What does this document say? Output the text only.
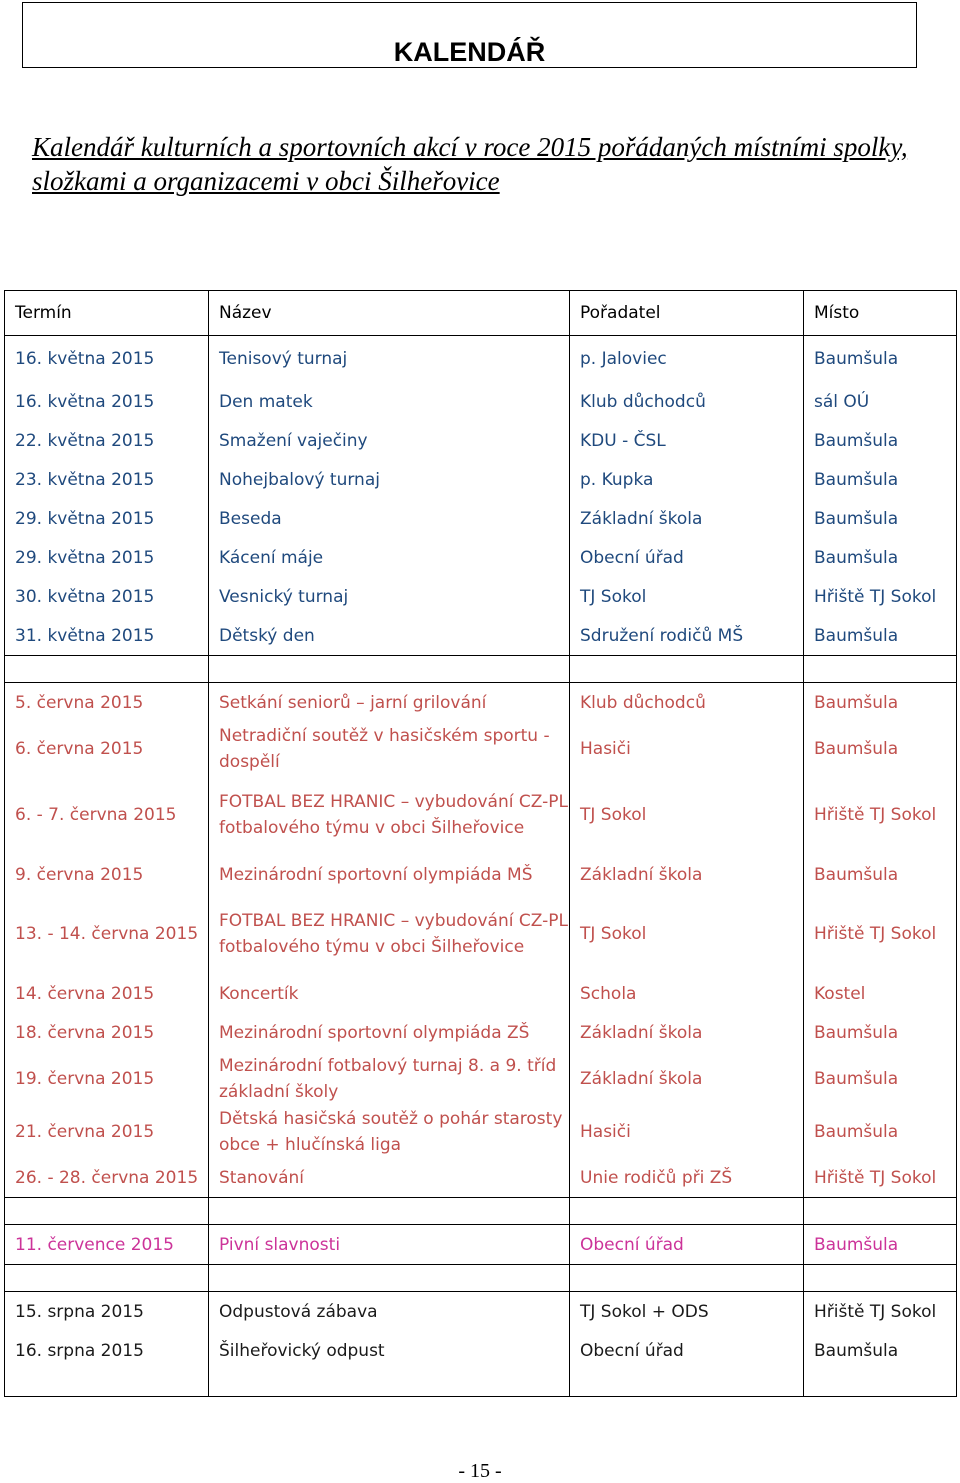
KALENDÁŘ
Kalendář kulturních a sportovních akcí v roce 2015 pořádaných místními spolky, složkami a organizacemi v obci Šilheřovice
Termín	Název	Pořadatel	Místo
16. května 2015	Tenisový turnaj	p. Jaloviec	Baumšula
16. května 2015	Den matek	Klub důchodců	sál OÚ
22. května 2015	Smažení vaječiny	KDU - ČSL	Baumšula
23. května 2015	Nohejbalový turnaj	p. Kupka	Baumšula
29. května 2015	Beseda	Základní škola	Baumšula
29. května 2015	Kácení máje	Obecní úřad	Baumšula
30. května 2015	Vesnický turnaj	TJ Sokol	Hřiště TJ Sokol
31. května 2015	Dětský den	Sdružení rodičů MŠ	Baumšula

5. června 2015	Setkání seniorů – jarní grilování	Klub důchodců	Baumšula
6. června 2015	Netradiční soutěž v hasičském sportu - dospělí	Hasiči	Baumšula
6. - 7. června 2015	FOTBAL BEZ HRANIC – vybudování CZ-PL fotbalového týmu v obci Šilheřovice	TJ Sokol	Hřiště TJ Sokol
9. června 2015	Mezinárodní sportovní olympiáda MŠ	Základní škola	Baumšula
13. - 14. června 2015	FOTBAL BEZ HRANIC – vybudování CZ-PL fotbalového týmu v obci Šilheřovice	TJ Sokol	Hřiště TJ Sokol
14. června 2015	Koncertík	Schola	Kostel
18. června 2015	Mezinárodní sportovní olympiáda ZŠ	Základní škola	Baumšula
19. června 2015	Mezinárodní fotbalový turnaj 8. a 9. tříd základní školy	Základní škola	Baumšula
21. června 2015	Dětská hasičská soutěž o pohár starosty obce + hlučínská liga	Hasiči	Baumšula
26. - 28. června 2015	Stanování	Unie rodičů při ZŠ	Hřiště TJ Sokol

11. července 2015	Pivní slavnosti	Obecní úřad	Baumšula

15. srpna 2015	Odpustová zábava	TJ Sokol + ODS	Hřiště TJ Sokol
16. srpna 2015	Šilheřovický odpust	Obecní úřad	Baumšula

- 15 -
